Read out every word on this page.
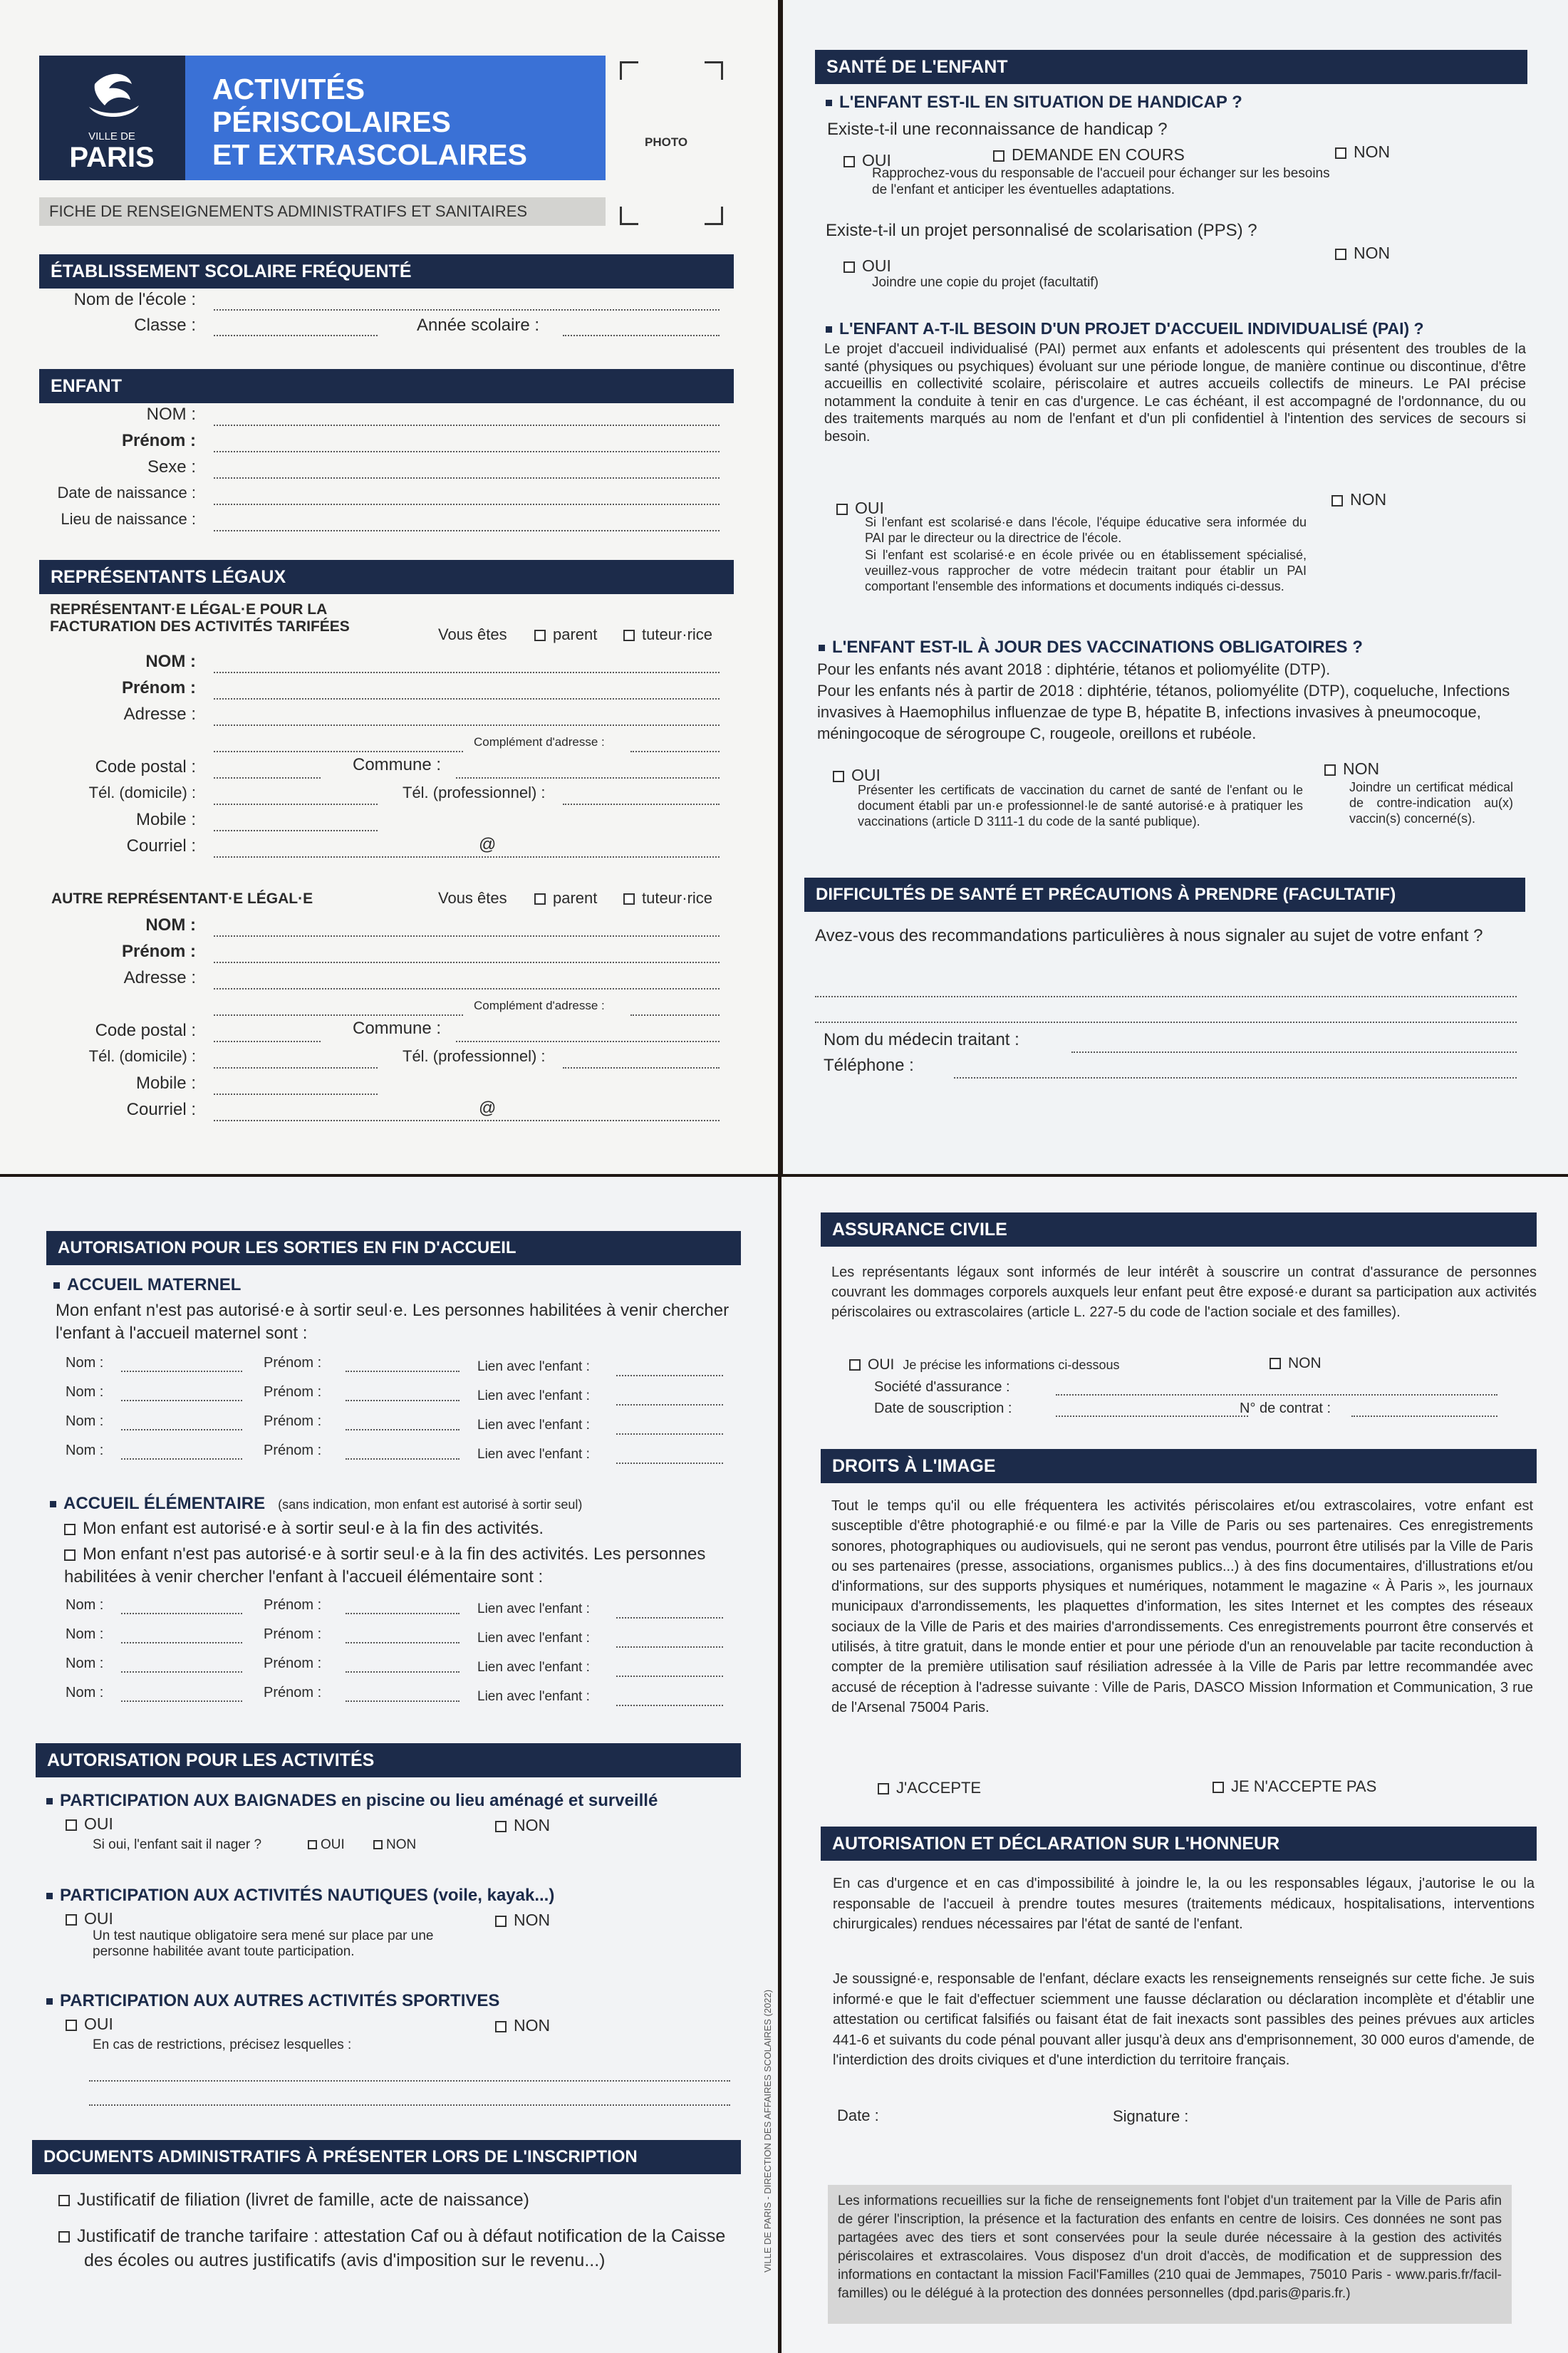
VILLE DE
PARIS
ACTIVITÉS
PÉRISCOLAIRES
ET EXTRASCOLAIRES
FICHE DE RENSEIGNEMENTS ADMINISTRATIFS ET SANITAIRES
PHOTO
ÉTABLISSEMENT SCOLAIRE FRÉQUENTÉ
Nom de l'école :
Classe :	Année scolaire :
ENFANT
NOM :
Prénom :
Sexe :
Date de naissance :
Lieu de naissance :
REPRÉSENTANTS LÉGAUX
REPRÉSENTANT·E LÉGAL·E POUR LA
FACTURATION DES ACTIVITÉS TARIFÉES	Vous êtes	parent	tuteur·rice
NOM :
Prénom :
Adresse :
Complément d'adresse :
Code postal :	Commune :
Tél. (domicile) :	Tél. (professionnel) :
Mobile :
Courriel :	@
AUTRE REPRÉSENTANT·E LÉGAL·E	Vous êtes	parent	tuteur·rice
NOM :
Prénom :
Adresse :
Complément d'adresse :
Code postal :	Commune :
Tél. (domicile) :	Tél. (professionnel) :
Mobile :
Courriel :	@
SANTÉ DE L'ENFANT
L'ENFANT EST-IL EN SITUATION DE HANDICAP ?
Existe-t-il une reconnaissance de handicap ?
OUI	DEMANDE EN COURS	NON
Rapprochez-vous du responsable de l'accueil pour échanger sur les besoins de l'enfant et anticiper les éventuelles adaptations.
Existe-t-il un projet personnalisé de scolarisation (PPS) ?
OUI
NON
Joindre une copie du projet (facultatif)
L'ENFANT A-T-IL BESOIN D'UN PROJET D'ACCUEIL INDIVIDUALISÉ (PAI) ?
Le projet d'accueil individualisé (PAI) permet aux enfants et adolescents qui présentent des troubles de la santé (physiques ou psychiques) évoluant sur une période longue, de manière continue ou discontinue, d'être accueillis en collectivité scolaire, périscolaire et autres accueils collectifs de mineurs. Le PAI précise notamment la conduite à tenir en cas d'urgence. Le cas échéant, il est accompagné de l'ordonnance, du ou des traitements marqués au nom de l'enfant et d'un pli confidentiel à l'intention des services de secours si besoin.
OUI	NON
Si l'enfant est scolarisé·e dans l'école, l'équipe éducative sera informée du PAI par le directeur ou la directrice de l'école.
Si l'enfant est scolarisé·e en école privée ou en établissement spécialisé, veuillez-vous rapprocher de votre médecin traitant pour établir un PAI comportant l'ensemble des informations et documents indiqués ci-dessus.
L'ENFANT EST-IL À JOUR DES VACCINATIONS OBLIGATOIRES ?
Pour les enfants nés avant 2018 : diphtérie, tétanos et poliomyélite (DTP).
Pour les enfants nés à partir de 2018 : diphtérie, tétanos, poliomyélite (DTP), coqueluche, Infections invasives à Haemophilus influenzae de type B, hépatite B, infections invasives à pneumocoque, méningocoque de sérogroupe C, rougeole, oreillons et rubéole.
OUI	NON
Présenter les certificats de vaccination du carnet de santé de l'enfant ou le document établi par un·e professionnel·le de santé autorisé·e à pratiquer les vaccinations (article D 3111-1 du code de la santé publique).
Joindre un certificat médical de contre-indication au(x) vaccin(s) concerné(s).
DIFFICULTÉS DE SANTÉ ET PRÉCAUTIONS À PRENDRE (FACULTATIF)
Avez-vous des recommandations particulières à nous signaler au sujet de votre enfant ?
Nom du médecin traitant :
Téléphone :
AUTORISATION POUR LES SORTIES EN FIN D'ACCUEIL
ACCUEIL MATERNEL
Mon enfant n'est pas autorisé·e à sortir seul·e. Les personnes habilitées à venir chercher l'enfant à l'accueil maternel sont :
ACCUEIL ÉLÉMENTAIRE (sans indication, mon enfant est autorisé à sortir seul)
Mon enfant est autorisé·e à sortir seul·e à la fin des activités.
Mon enfant n'est pas autorisé·e à sortir seul·e à la fin des activités. Les personnes habilitées à venir chercher l'enfant à l'accueil élémentaire sont :
AUTORISATION POUR LES ACTIVITÉS
PARTICIPATION AUX BAIGNADES en piscine ou lieu aménagé et surveillé
OUI	NON
Si oui, l'enfant sait il nager ?	OUI	NON
PARTICIPATION AUX ACTIVITÉS NAUTIQUES (voile, kayak...)
OUI	NON
Un test nautique obligatoire sera mené sur place par une personne habilitée avant toute participation.
PARTICIPATION AUX AUTRES ACTIVITÉS SPORTIVES
OUI	NON
En cas de restrictions, précisez lesquelles :
DOCUMENTS ADMINISTRATIFS À PRÉSENTER LORS DE L'INSCRIPTION
Justificatif de filiation (livret de famille, acte de naissance)
Justificatif de tranche tarifaire : attestation Caf ou à défaut notification de la Caisse des écoles ou autres justificatifs (avis d'imposition sur le revenu...)
Nom :	Prénom :	Lien avec l'enfant :
Nom :	Prénom :	Lien avec l'enfant :
Nom :	Prénom :	Lien avec l'enfant :
Nom :	Prénom :	Lien avec l'enfant :
Nom :	Prénom :	Lien avec l'enfant :
Nom :	Prénom :	Lien avec l'enfant :
Nom :	Prénom :	Lien avec l'enfant :
Nom :	Prénom :	Lien avec l'enfant :
ASSURANCE CIVILE
Les représentants légaux sont informés de leur intérêt à souscrire un contrat d'assurance de personnes couvrant les dommages corporels auxquels leur enfant peut être exposé·e durant sa participation aux activités périscolaires ou extrascolaires (article L. 227-5 du code de l'action sociale et des familles).
OUI Je précise les informations ci-dessous	NON
Société d'assurance :
Date de souscription :	N° de contrat :
DROITS À L'IMAGE
Tout le temps qu'il ou elle fréquentera les activités périscolaires et/ou extrascolaires, votre enfant est susceptible d'être photographié·e ou filmé·e par la Ville de Paris ou ses partenaires. Ces enregistrements sonores, photographiques ou audiovisuels, qui ne seront pas vendus, pourront être utilisés par la Ville de Paris ou ses partenaires (presse, associations, organismes publics...) à des fins documentaires, d'illustrations et/ou d'informations, sur des supports physiques et numériques, notamment le magazine « À Paris », les journaux municipaux d'arrondissements, les plaquettes d'information, les sites Internet et les comptes des réseaux sociaux de la Ville de Paris et des mairies d'arrondissements. Ces enregistrements pourront être conservés et utilisés, à titre gratuit, dans le monde entier et pour une période d'un an renouvelable par tacite reconduction à compter de la première utilisation sauf résiliation adressée à la Ville de Paris par lettre recommandée avec accusé de réception à l'adresse suivante : Ville de Paris, DASCO Mission Information et Communication, 3 rue de l'Arsenal 75004 Paris.
J'ACCEPTE	JE N'ACCEPTE PAS
AUTORISATION ET DÉCLARATION SUR L'HONNEUR
En cas d'urgence et en cas d'impossibilité à joindre le, la ou les responsables légaux, j'autorise le ou la responsable de l'accueil à prendre toutes mesures (traitements médicaux, hospitalisations, interventions chirurgicales) rendues nécessaires par l'état de santé de l'enfant.
Je soussigné·e, responsable de l'enfant, déclare exacts les renseignements renseignés sur cette fiche. Je suis informé·e que le fait d'effectuer sciemment une fausse déclaration ou déclaration incomplète et d'établir une attestation ou certificat falsifiés ou faisant état de fait inexacts sont passibles des peines prévues aux articles 441-6 et suivants du code pénal pouvant aller jusqu'à deux ans d'emprisonnement, 30 000 euros d'amende, de l'interdiction des droits civiques et d'une interdiction du territoire français.
Date :	Signature :
Les informations recueillies sur la fiche de renseignements font l'objet d'un traitement par la Ville de Paris afin de gérer l'inscription, la présence et la facturation des enfants en centre de loisirs. Ces données ne sont pas partagées avec des tiers et sont conservées pour la seule durée nécessaire à la gestion des activités périscolaires et extrascolaires. Vous disposez d'un droit d'accès, de modification et de suppression des informations en contactant la mission Facil'Familles (210 quai de Jemmapes, 75010 Paris - www.paris.fr/facil-familles) ou le délégué à la protection des données personnelles (dpd.paris@paris.fr.)
VILLE DE PARIS - DIRECTION DES AFFAIRES SCOLAIRES (2022)
